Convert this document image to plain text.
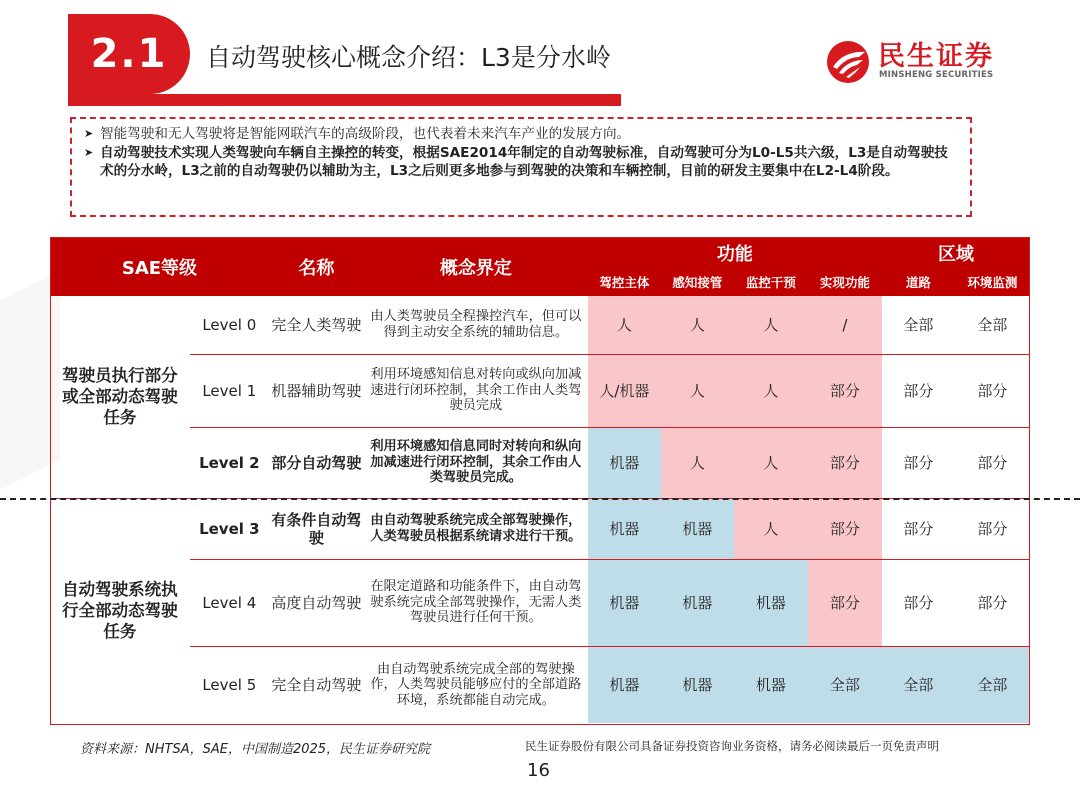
2.1	自动驾驶核心概念介绍：L3是分水岭	民生证券
MINSHENG SECURITIES
➤ 智能驾驶和无人驾驶将是智能网联汽车的高级阶段，也代表着未来汽车产业的发展方向。
➤ 自动驾驶技术实现人类驾驶向车辆自主操控的转变，根据SAE2014年制定的自动驾驶标准，自动驾驶可分为L0-L5共六级，L3是自动驾驶技术的分水岭，L3之前的自动驾驶仍以辅助为主，L3之后则更多地参与到驾驶的决策和车辆控制，目前的研发主要集中在L2-L4阶段。
SAE等级		名称	概念界定	功能				区域	
				驾控主体	感知接管	监控干预	实现功能	道路	环境监测
驾驶员执行部分或全部动态驾驶任务	Level 0	完全人类驾驶	由人类驾驶员全程操控汽车，但可以得到主动安全系统的辅助信息。	人	人	人	/	全部	全部
	Level 1	机器辅助驾驶	利用环境感知信息对转向或纵向加减速进行闭环控制，其余工作由人类驾驶员完成	人/机器	人	人	部分	部分	部分
	Level 2	部分自动驾驶	利用环境感知信息同时对转向和纵向加减速进行闭环控制，其余工作由人类驾驶员完成。	机器	人	人	部分	部分	部分
自动驾驶系统执行全部动态驾驶任务	Level 3	有条件自动驾驶	由自动驾驶系统完成全部驾驶操作，人类驾驶员根据系统请求进行干预。	机器	机器	人	部分	部分	部分
	Level 4	高度自动驾驶	在限定道路和功能条件下，由自动驾驶系统完成全部驾驶操作，无需人类驾驶员进行任何干预。	机器	机器	机器	部分	部分	部分
	Level 5	完全自动驾驶	由自动驾驶系统完成全部的驾驶操作，人类驾驶员能够应付的全部道路环境，系统都能自动完成。	机器	机器	机器	全部	全部	全部
资料来源：NHTSA，SAE，中国制造2025，民生证券研究院	民生证券股份有限公司具备证券投资咨询业务资格，请务必阅读最后一页免责声明
16
